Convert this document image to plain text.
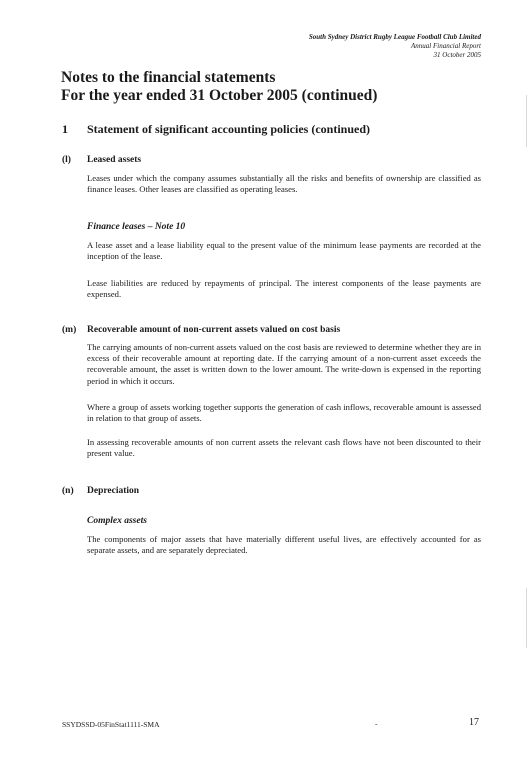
South Sydney District Rugby League Football Club Limited
Annual Financial Report
31 October 2005
Notes to the financial statements
For the year ended 31 October 2005 (continued)
1 Statement of significant accounting policies (continued)
(l) Leased assets
Leases under which the company assumes substantially all the risks and benefits of ownership are classified as finance leases. Other leases are classified as operating leases.
Finance leases – Note 10
A lease asset and a lease liability equal to the present value of the minimum lease payments are recorded at the inception of the lease.
Lease liabilities are reduced by repayments of principal. The interest components of the lease payments are expensed.
(m) Recoverable amount of non-current assets valued on cost basis
The carrying amounts of non-current assets valued on the cost basis are reviewed to determine whether they are in excess of their recoverable amount at reporting date. If the carrying amount of a non-current asset exceeds the recoverable amount, the asset is written down to the lower amount. The write-down is expensed in the reporting period in which it occurs.
Where a group of assets working together supports the generation of cash inflows, recoverable amount is assessed in relation to that group of assets.
In assessing recoverable amounts of non current assets the relevant cash flows have not been discounted to their present value.
(n) Depreciation
Complex assets
The components of major assets that have materially different useful lives, are effectively accounted for as separate assets, and are separately depreciated.
SSYDSSD-05FinStat1111-SMA	-	17
